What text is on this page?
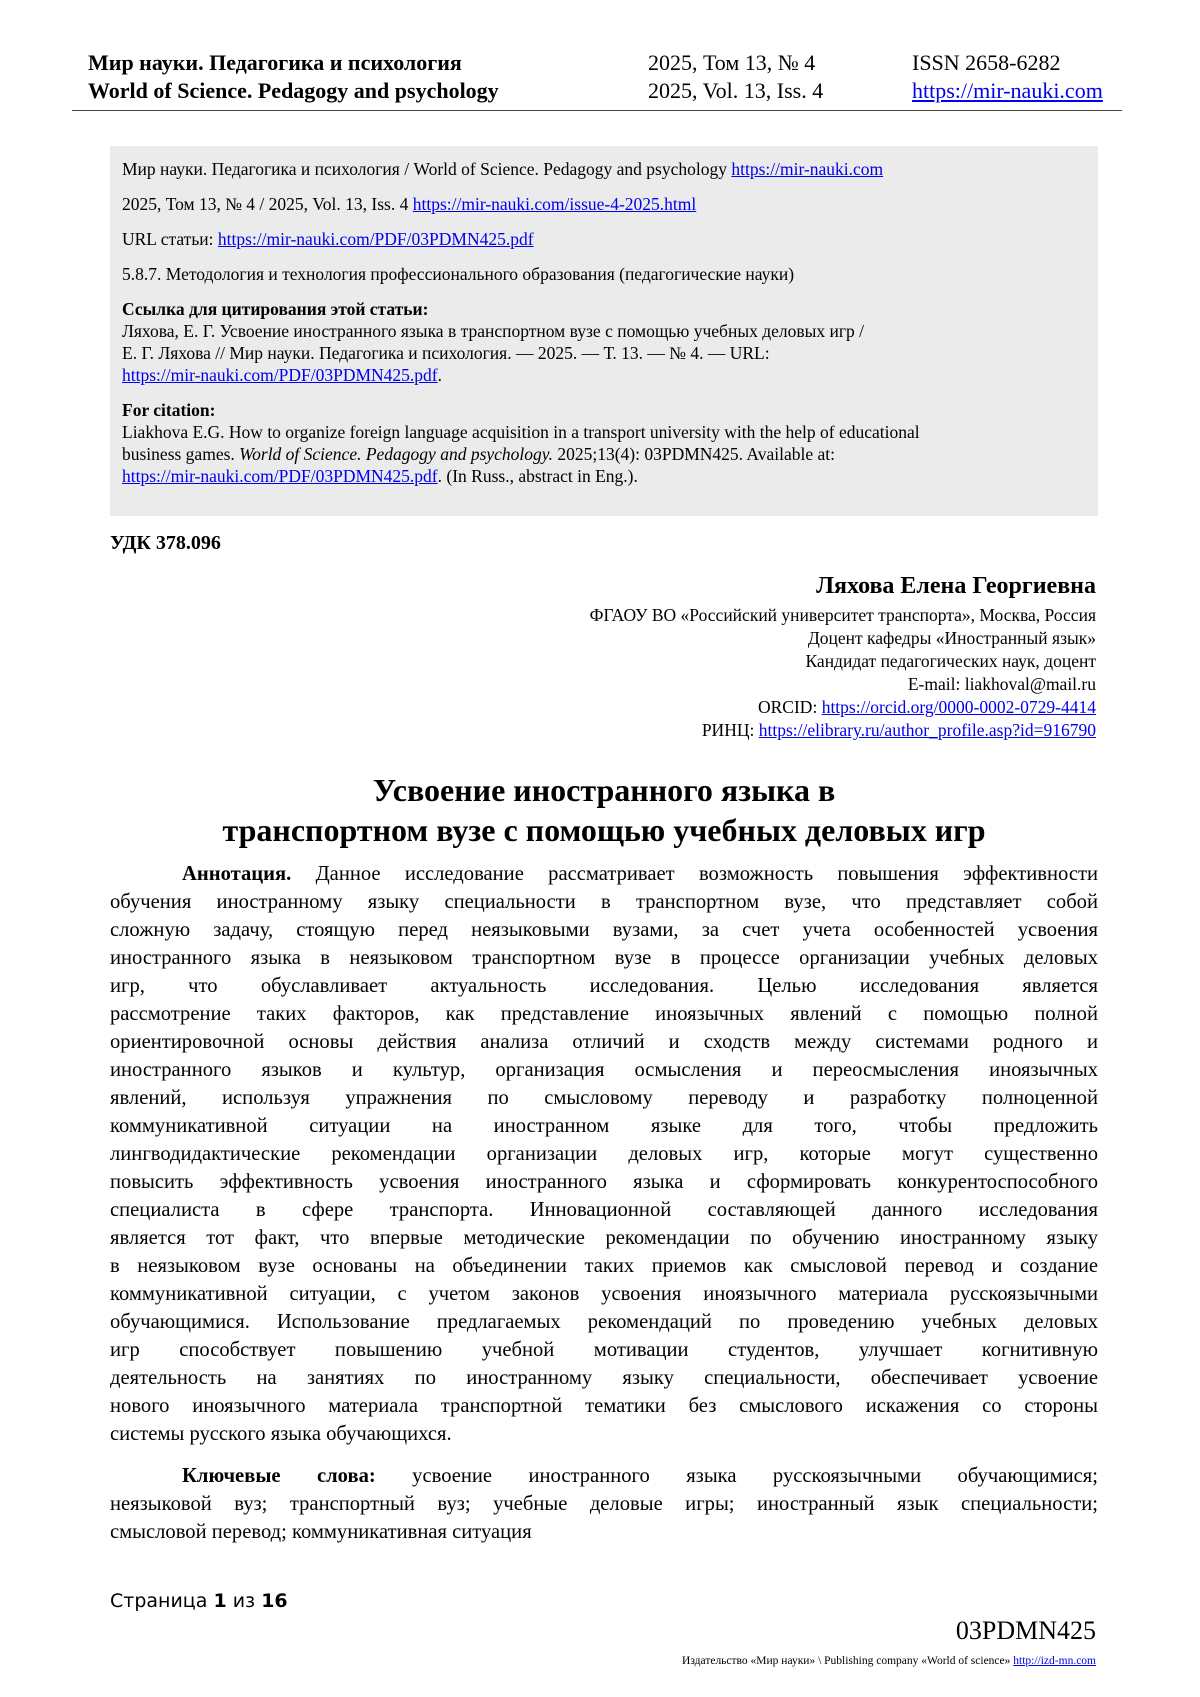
Мир науки. Педагогика и психология	2025, Том 13, № 4	ISSN 2658-6282
World of Science. Pedagogy and psychology	2025, Vol. 13, Iss. 4	https://mir-nauki.com

Мир науки. Педагогика и психология / World of Science. Pedagogy and psychology https://mir-nauki.com

2025, Том 13, № 4 / 2025, Vol. 13, Iss. 4 https://mir-nauki.com/issue-4-2025.html

URL статьи: https://mir-nauki.com/PDF/03PDMN425.pdf

5.8.7. Методология и технология профессионального образования (педагогические науки)

Ссылка для цитирования этой статьи:

Ляхова, Е. Г. Усвоение иностранного языка в транспортном вузе с помощью учебных деловых игр /

Е. Г. Ляхова // Мир науки. Педагогика и психология. — 2025. — Т. 13. — № 4. — URL:

https://mir-nauki.com/PDF/03PDMN425.pdf.

For citation:

Liakhova E.G. How to organize foreign language acquisition in a transport university with the help of educational

business games. World of Science. Pedagogy and psychology. 2025;13(4): 03PDMN425. Available at:

https://mir-nauki.com/PDF/03PDMN425.pdf. (In Russ., abstract in Eng.).

УДК 378.096
Ляхова Елена Георгиевна
ФГАОУ ВО «Российский университет транспорта», Москва, Россия
Доцент кафедры «Иностранный язык»
Кандидат педагогических наук, доцент
E-mail: liakhoval@mail.ru
ORCID: https://orcid.org/0000-0002-0729-4414
РИНЦ: https://elibrary.ru/author_profile.asp?id=916790
Усвоение иностранного языка в
транспортном вузе с помощью учебных деловых игр
Аннотация. Данное исследование рассматривает возможность повышения эффективности
обучения иностранному языку специальности в транспортном вузе, что представляет собой
сложную задачу, стоящую перед неязыковыми вузами, за счет учета особенностей усвоения
иностранного языка в неязыковом транспортном вузе в процессе организации учебных деловых
игр, что обуславливает актуальность исследования. Целью исследования является
рассмотрение таких факторов, как представление иноязычных явлений с помощью полной
ориентировочной основы действия анализа отличий и сходств между системами родного и
иностранного языков и культур, организация осмысления и переосмысления иноязычных
явлений, используя упражнения по смысловому переводу и разработку полноценной
коммуникативной ситуации на иностранном языке для того, чтобы предложить
лингводидактические рекомендации организации деловых игр, которые могут существенно
повысить эффективность усвоения иностранного языка и сформировать конкурентоспособного
специалиста в сфере транспорта. Инновационной составляющей данного исследования
является тот факт, что впервые методические рекомендации по обучению иностранному языку
в неязыковом вузе основаны на объединении таких приемов как смысловой перевод и создание
коммуникативной ситуации, с учетом законов усвоения иноязычного материала русскоязычными
обучающимися. Использование предлагаемых рекомендаций по проведению учебных деловых
игр способствует повышению учебной мотивации студентов, улучшает когнитивную
деятельность на занятиях по иностранному языку специальности, обеспечивает усвоение
нового иноязычного материала транспортной тематики без смыслового искажения со стороны
системы русского языка обучающихся.
Ключевые слова: усвоение иностранного языка русскоязычными обучающимися;
неязыковой вуз; транспортный вуз; учебные деловые игры; иностранный язык специальности;
смысловой перевод; коммуникативная ситуация
Страница 1 из 16
03PDMN425
Издательство «Мир науки» \ Publishing company «World of science» http://izd-mn.com
